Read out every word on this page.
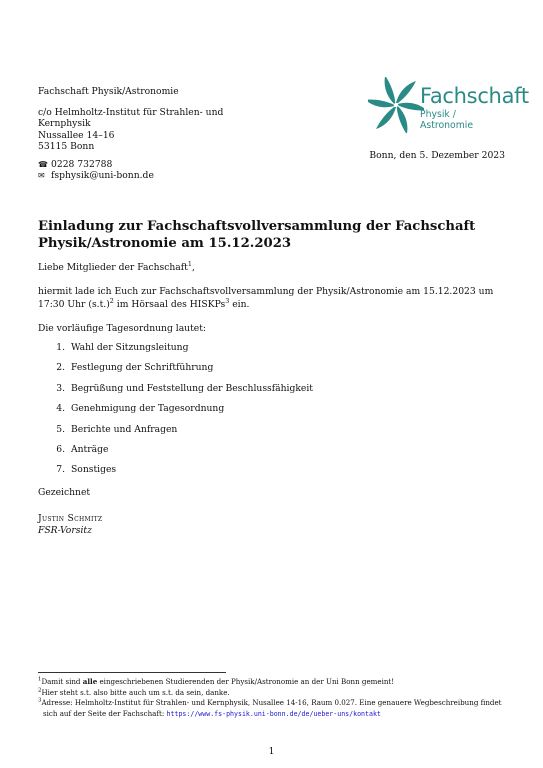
Fachschaft Physik/Astronomie
c/o Helmholtz-Institut für Strahlen- und
Kernphysik
Nussallee 14–16
53115 Bonn
☎ 0228 732788
✉ fsphysik@uni-bonn.de
Fachschaft
Physik / Astronomie
Bonn, den 5. Dezember 2023
Einladung zur Fachschaftsvollversammlung der Fachschaft
Physik/Astronomie am 15.12.2023
Liebe Mitglieder der Fachschaft$^1$,
hiermit lade ich Euch zur Fachschaftsvollversammlung der Physik/Astronomie am 15.12.2023 um 17:30 Uhr $(s.t.)^2$ im Hörsaal des HISKPs$^3$ ein.
Die vorläufige Tagesordnung lautet:
1. Wahl der Sitzungsleitung
2. Festlegung der Schriftführung
3. Begrüßung und Feststellung der Beschlussfähigkeit
4. Genehmigung der Tagesordnung
5. Berichte und Anfragen
6. Anträge
7. Sonstiges
Gezeichnet
Justin Schmitz
FSR-Vorsitz
$^1$Damit sind alle eingeschriebenen Studierenden der Physik/Astronomie an der Uni Bonn gemeint!
$^2$Hier steht s.t. also bitte auch um s.t. da sein, danke.
$^3$Adresse: Helmholtz-Institut für Strahlen- und Kernphysik, Nusallee 14-16, Raum 0.027. Eine genauere Wegbeschreibung findet
sich auf der Seite der Fachschaft: https://www.fs-physik.uni-bonn.de/de/ueber-uns/kontakt
1
